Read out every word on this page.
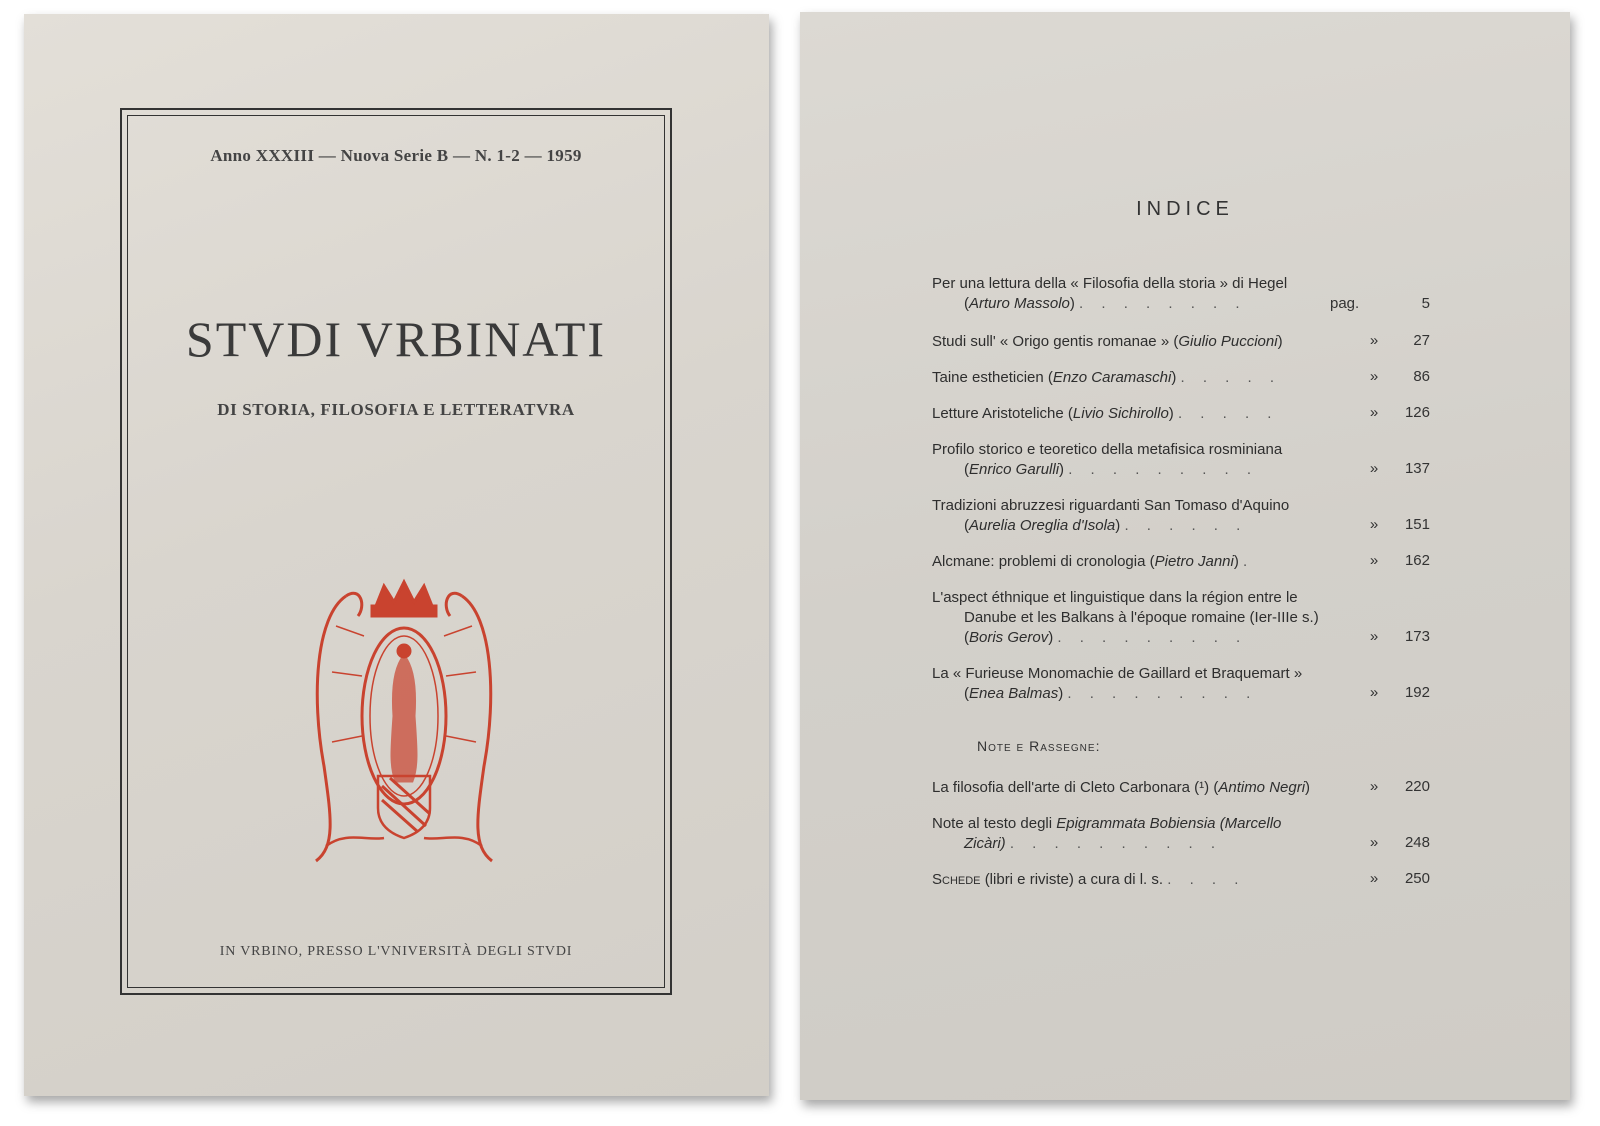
Anno XXXIII — Nuova Serie B — N. 1-2 — 1959
STVDI VRBINATI
DI STORIA, FILOSOFIA E LETTERATVRA
IN VRBINO, PRESSO L'VNIVERSITÀ DEGLI STVDI
INDICE
Per una lettura della « Filosofia della storia » di Hegel
(Arturo Massolo) . . . . . . . .	pag.	5
Studi sull' « Origo gentis romanae » (Giulio Puccioni)	»	27
Taine estheticien (Enzo Caramaschi) . . . . .	»	86
Letture Aristoteliche (Livio Sichirollo) . . . . .	»	126
Profilo storico e teoretico della metafisica rosminiana
(Enrico Garulli) . . . . . . . . .	»	137
Tradizioni abruzzesi riguardanti San Tomaso d'Aquino
(Aurelia Oreglia d'Isola) . . . . . .	»	151
Alcmane: problemi di cronologia (Pietro Janni) .	»	162
L'aspect éthnique et linguistique dans la région entre le
Danube et les Balkans à l'époque romaine (Ier-IIIe s.)
(Boris Gerov) . . . . . . . . .	»	173
La « Furieuse Monomachie de Gaillard et Braquemart »
(Enea Balmas) . . . . . . . . .	»	192
Note e Rassegne:
La filosofia dell'arte di Cleto Carbonara (¹) (Antimo Negri)	»	220
Note al testo degli Epigrammata Bobiensia (Marcello
Zicàri) . . . . . . . . . .	»	248
Schede (libri e riviste) a cura di l. s. . . . .	»	250
